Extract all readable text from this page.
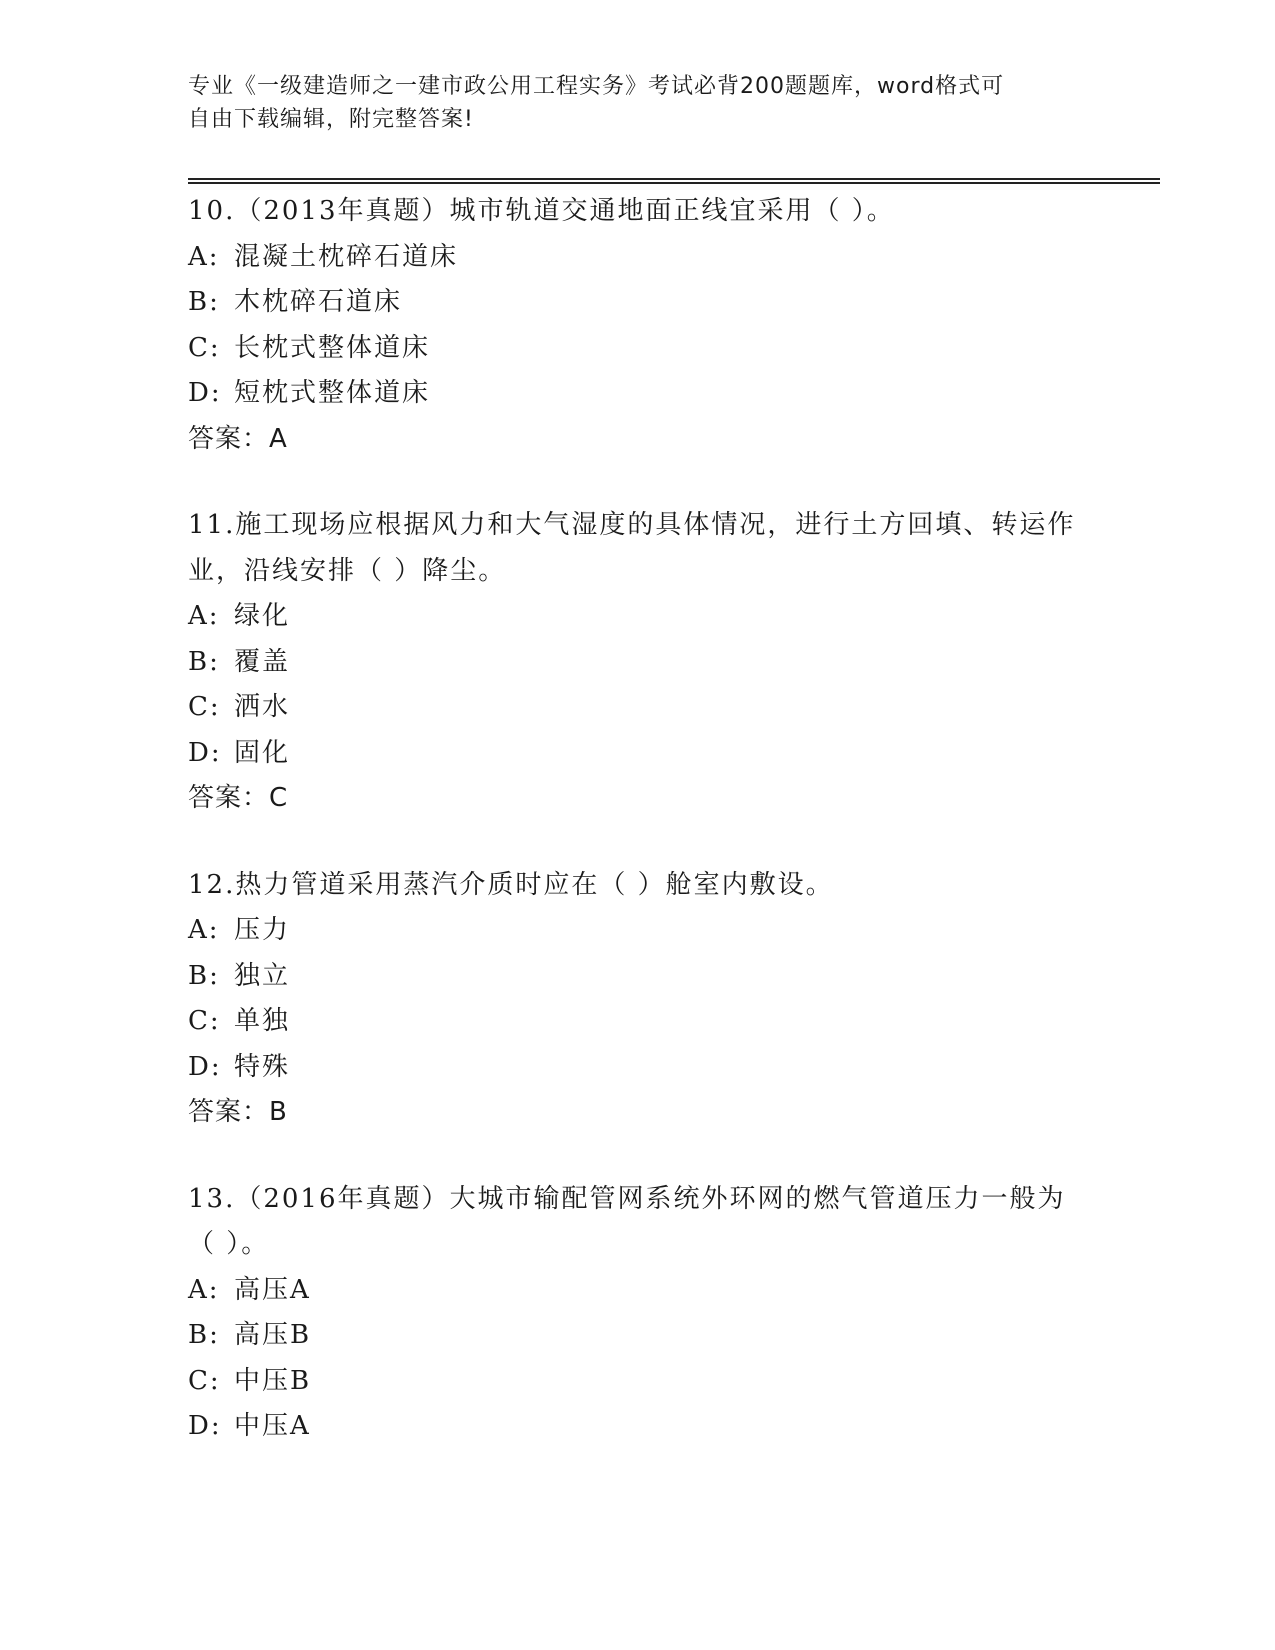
专业《一级建造师之一建市政公用工程实务》考试必背200题题库，word格式可
自由下载编辑，附完整答案!
10.（2013年真题）城市轨道交通地面正线宜采用（ ）。
A: 混凝土枕碎石道床
B: 木枕碎石道床
C: 长枕式整体道床
D: 短枕式整体道床
答案：A
11.施工现场应根据风力和大气湿度的具体情况，进行土方回填、转运作业，沿线安排（ ）降尘。
A: 绿化
B: 覆盖
C: 洒水
D: 固化
答案：C
12.热力管道采用蒸汽介质时应在（ ）舱室内敷设。
A: 压力
B: 独立
C: 单独
D: 特殊
答案：B
13.（2016年真题）大城市输配管网系统外环网的燃气管道压力一般为（ ）。
A: 高压A
B: 高压B
C: 中压B
D: 中压A
